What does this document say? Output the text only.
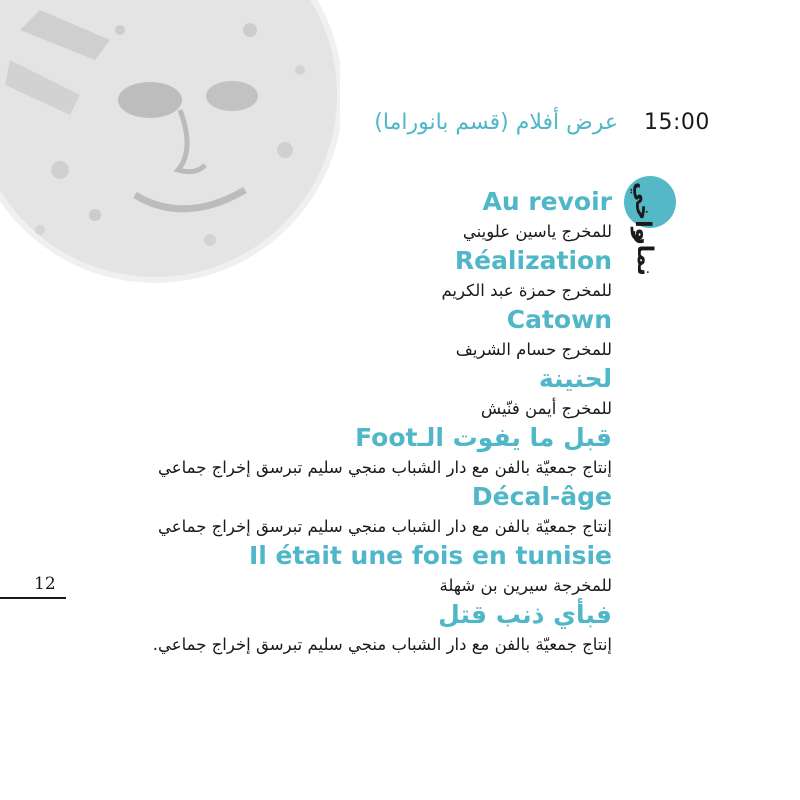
15:00
عرض أفلام (قسم بانوراما)
واخي
نمار
Au revoir
للمخرج ياسين علويني
Réalization
للمخرج حمزة عبد الكريم
Catown
للمخرج حسام الشريف
لحنينة
للمخرج أيمن فنّيش
قبل ما يفوت الـFoot
إنتاج جمعيّة بالفن مع دار الشباب منجي سليم تبرسق إخراج جماعي
Décal-âge
إنتاج جمعيّة بالفن مع دار الشباب منجي سليم تبرسق إخراج جماعي
Il était une fois en tunisie
للمخرجة سيرين بن شهلة
فبأي ذنب قتل
إنتاج جمعيّة بالفن مع دار الشباب منجي سليم تبرسق إخراج جماعي.
12
